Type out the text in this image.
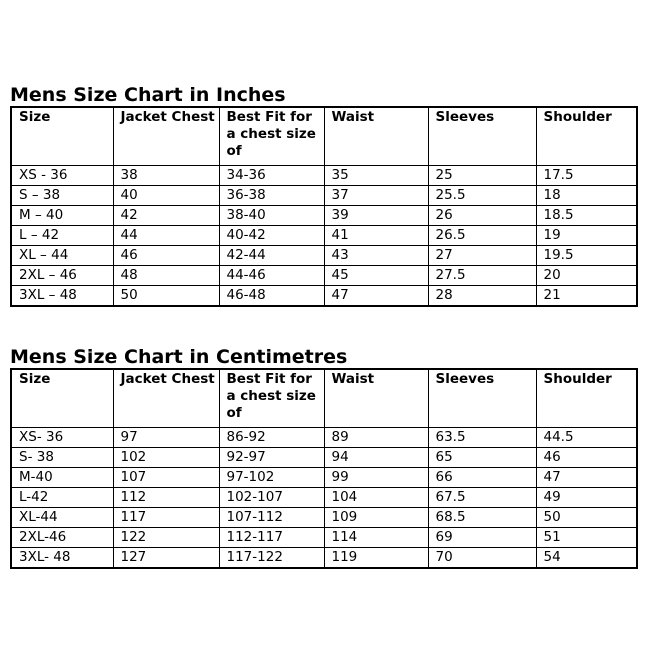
Mens Size Chart in Inches
Size	Jacket Chest	Best Fit for a chest size of	Waist	Sleeves	Shoulder
XS - 36	38	34-36	35	25	17.5
S – 38	40	36-38	37	25.5	18
M – 40	42	38-40	39	26	18.5
L – 42	44	40-42	41	26.5	19
XL – 44	46	42-44	43	27	19.5
2XL – 46	48	44-46	45	27.5	20
3XL – 48	50	46-48	47	28	21
Mens Size Chart in Centimetres
Size	Jacket Chest	Best Fit for a chest size of	Waist	Sleeves	Shoulder
XS- 36	97	86-92	89	63.5	44.5
S- 38	102	92-97	94	65	46
M-40	107	97-102	99	66	47
L-42	112	102-107	104	67.5	49
XL-44	117	107-112	109	68.5	50
2XL-46	122	112-117	114	69	51
3XL- 48	127	117-122	119	70	54
